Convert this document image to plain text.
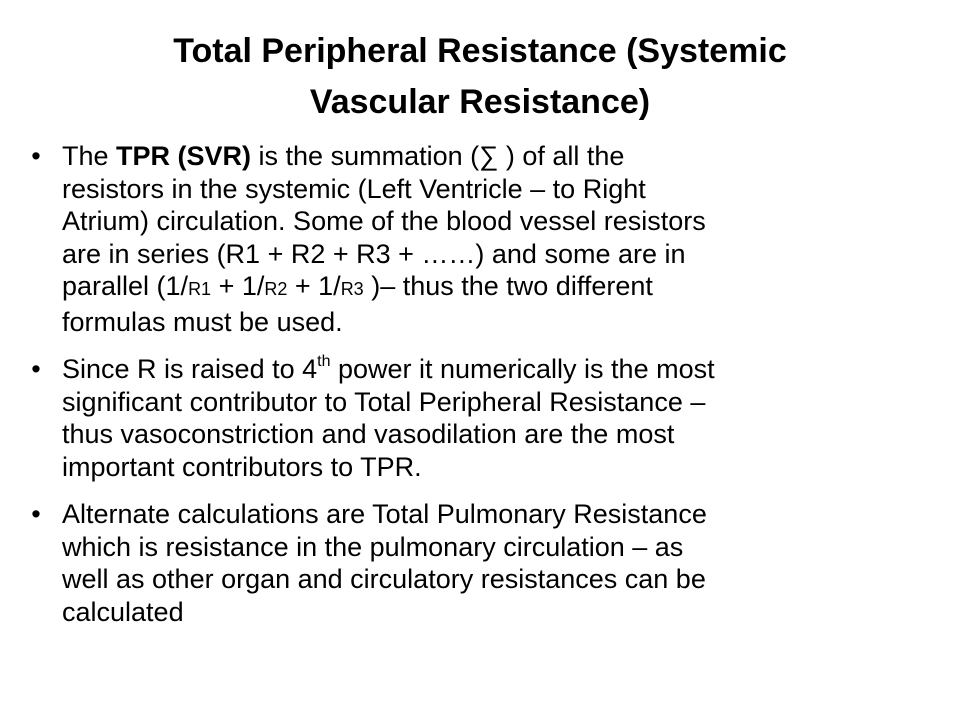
Total Peripheral Resistance (Systemic
Vascular Resistance)
• The TPR (SVR) is the summation (∑ ) of all the
resistors in the systemic (Left Ventricle – to Right
Atrium) circulation. Some of the blood vessel resistors
are in series (R1 + R2 + R3 + ……) and some are in
parallel (1/R1 + 1/R2 + 1/R3 )– thus the two different
formulas must be used.
• Since R is raised to 4th power it numerically is the most
significant contributor to Total Peripheral Resistance –
thus vasoconstriction and vasodilation are the most
important contributors to TPR.
• Alternate calculations are Total Pulmonary Resistance
which is resistance in the pulmonary circulation – as
well as other organ and circulatory resistances can be
calculated
